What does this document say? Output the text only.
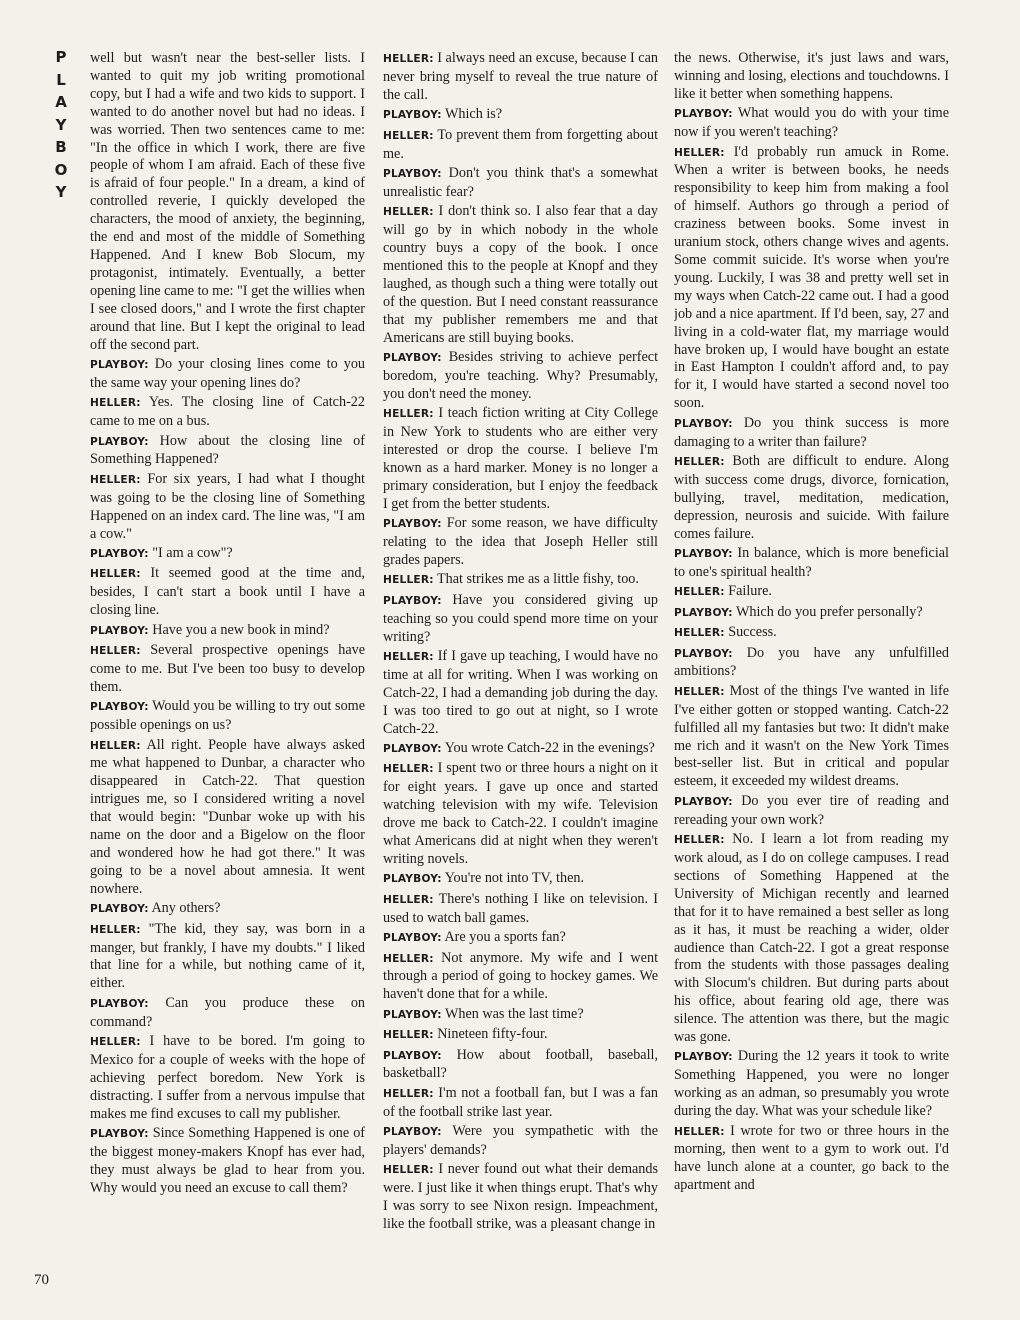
P
L
A
Y
B
O
Y
70

well but wasn't near the best-seller lists. I wanted to quit my job writing promotional copy, but I had a wife and two kids to support. I wanted to do another novel but had no ideas. I was worried. Then two sentences came to me: "In the office in which I work, there are five people of whom I am afraid. Each of these five is afraid of four people." In a dream, a kind of controlled reverie, I quickly developed the characters, the mood of anxiety, the beginning, the end and most of the middle of Something Happened. And I knew Bob Slocum, my protagonist, intimately. Eventually, a better opening line came to me: "I get the willies when I see closed doors," and I wrote the first chapter around that line. But I kept the original to lead off the second part.

PLAYBOY: Do your closing lines come to you the same way your opening lines do?

HELLER: Yes. The closing line of Catch-22 came to me on a bus.

PLAYBOY: How about the closing line of Something Happened?

HELLER: For six years, I had what I thought was going to be the closing line of Something Happened on an index card. The line was, "I am a cow."

PLAYBOY: "I am a cow"?

HELLER: It seemed good at the time and, besides, I can't start a book until I have a closing line.

PLAYBOY: Have you a new book in mind?

HELLER: Several prospective openings have come to me. But I've been too busy to develop them.

PLAYBOY: Would you be willing to try out some possible openings on us?

HELLER: All right. People have always asked me what happened to Dunbar, a character who disappeared in Catch-22. That question intrigues me, so I considered writing a novel that would begin: "Dunbar woke up with his name on the door and a Bigelow on the floor and wondered how he had got there." It was going to be a novel about amnesia. It went nowhere.

PLAYBOY: Any others?

HELLER: "The kid, they say, was born in a manger, but frankly, I have my doubts." I liked that line for a while, but nothing came of it, either.

PLAYBOY: Can you produce these on command?

HELLER: I have to be bored. I'm going to Mexico for a couple of weeks with the hope of achieving perfect boredom. New York is distracting. I suffer from a nervous impulse that makes me find excuses to call my publisher.

PLAYBOY: Since Something Happened is one of the biggest money-makers Knopf has ever had, they must always be glad to hear from you. Why would you need an excuse to call them?

HELLER: I always need an excuse, because I can never bring myself to reveal the true nature of the call.

PLAYBOY: Which is?

HELLER: To prevent them from forgetting about me.

PLAYBOY: Don't you think that's a somewhat unrealistic fear?

HELLER: I don't think so. I also fear that a day will go by in which nobody in the whole country buys a copy of the book. I once mentioned this to the people at Knopf and they laughed, as though such a thing were totally out of the question. But I need constant reassurance that my publisher remembers me and that Americans are still buying books.

PLAYBOY: Besides striving to achieve perfect boredom, you're teaching. Why? Presumably, you don't need the money.

HELLER: I teach fiction writing at City College in New York to students who are either very interested or drop the course. I believe I'm known as a hard marker. Money is no longer a primary consideration, but I enjoy the feedback I get from the better students.

PLAYBOY: For some reason, we have difficulty relating to the idea that Joseph Heller still grades papers.

HELLER: That strikes me as a little fishy, too.

PLAYBOY: Have you considered giving up teaching so you could spend more time on your writing?

HELLER: If I gave up teaching, I would have no time at all for writing. When I was working on Catch-22, I had a demanding job during the day. I was too tired to go out at night, so I wrote Catch-22.

PLAYBOY: You wrote Catch-22 in the evenings?

HELLER: I spent two or three hours a night on it for eight years. I gave up once and started watching television with my wife. Television drove me back to Catch-22. I couldn't imagine what Americans did at night when they weren't writing novels.

PLAYBOY: You're not into TV, then.

HELLER: There's nothing I like on television. I used to watch ball games.

PLAYBOY: Are you a sports fan?

HELLER: Not anymore. My wife and I went through a period of going to hockey games. We haven't done that for a while.

PLAYBOY: When was the last time?

HELLER: Nineteen fifty-four.

PLAYBOY: How about football, baseball, basketball?

HELLER: I'm not a football fan, but I was a fan of the football strike last year.

PLAYBOY: Were you sympathetic with the players' demands?

HELLER: I never found out what their demands were. I just like it when things erupt. That's why I was sorry to see Nixon resign. Impeachment, like the football strike, was a pleasant change in

the news. Otherwise, it's just laws and wars, winning and losing, elections and touchdowns. I like it better when something happens.

PLAYBOY: What would you do with your time now if you weren't teaching?

HELLER: I'd probably run amuck in Rome. When a writer is between books, he needs responsibility to keep him from making a fool of himself. Authors go through a period of craziness between books. Some invest in uranium stock, others change wives and agents. Some commit suicide. It's worse when you're young. Luckily, I was 38 and pretty well set in my ways when Catch-22 came out. I had a good job and a nice apartment. If I'd been, say, 27 and living in a cold-water flat, my marriage would have broken up, I would have bought an estate in East Hampton I couldn't afford and, to pay for it, I would have started a second novel too soon.

PLAYBOY: Do you think success is more damaging to a writer than failure?

HELLER: Both are difficult to endure. Along with success come drugs, divorce, fornication, bullying, travel, meditation, medication, depression, neurosis and suicide. With failure comes failure.

PLAYBOY: In balance, which is more beneficial to one's spiritual health?

HELLER: Failure.

PLAYBOY: Which do you prefer personally?

HELLER: Success.

PLAYBOY: Do you have any unfulfilled ambitions?

HELLER: Most of the things I've wanted in life I've either gotten or stopped wanting. Catch-22 fulfilled all my fantasies but two: It didn't make me rich and it wasn't on the New York Times best-seller list. But in critical and popular esteem, it exceeded my wildest dreams.

PLAYBOY: Do you ever tire of reading and rereading your own work?

HELLER: No. I learn a lot from reading my work aloud, as I do on college campuses. I read sections of Something Happened at the University of Michigan recently and learned that for it to have remained a best seller as long as it has, it must be reaching a wider, older audience than Catch-22. I got a great response from the students with those passages dealing with Slocum's children. But during parts about his office, about fearing old age, there was silence. The attention was there, but the magic was gone.

PLAYBOY: During the 12 years it took to write Something Happened, you were no longer working as an adman, so presumably you wrote during the day. What was your schedule like?

HELLER: I wrote for two or three hours in the morning, then went to a gym to work out. I'd have lunch alone at a counter, go back to the apartment and
